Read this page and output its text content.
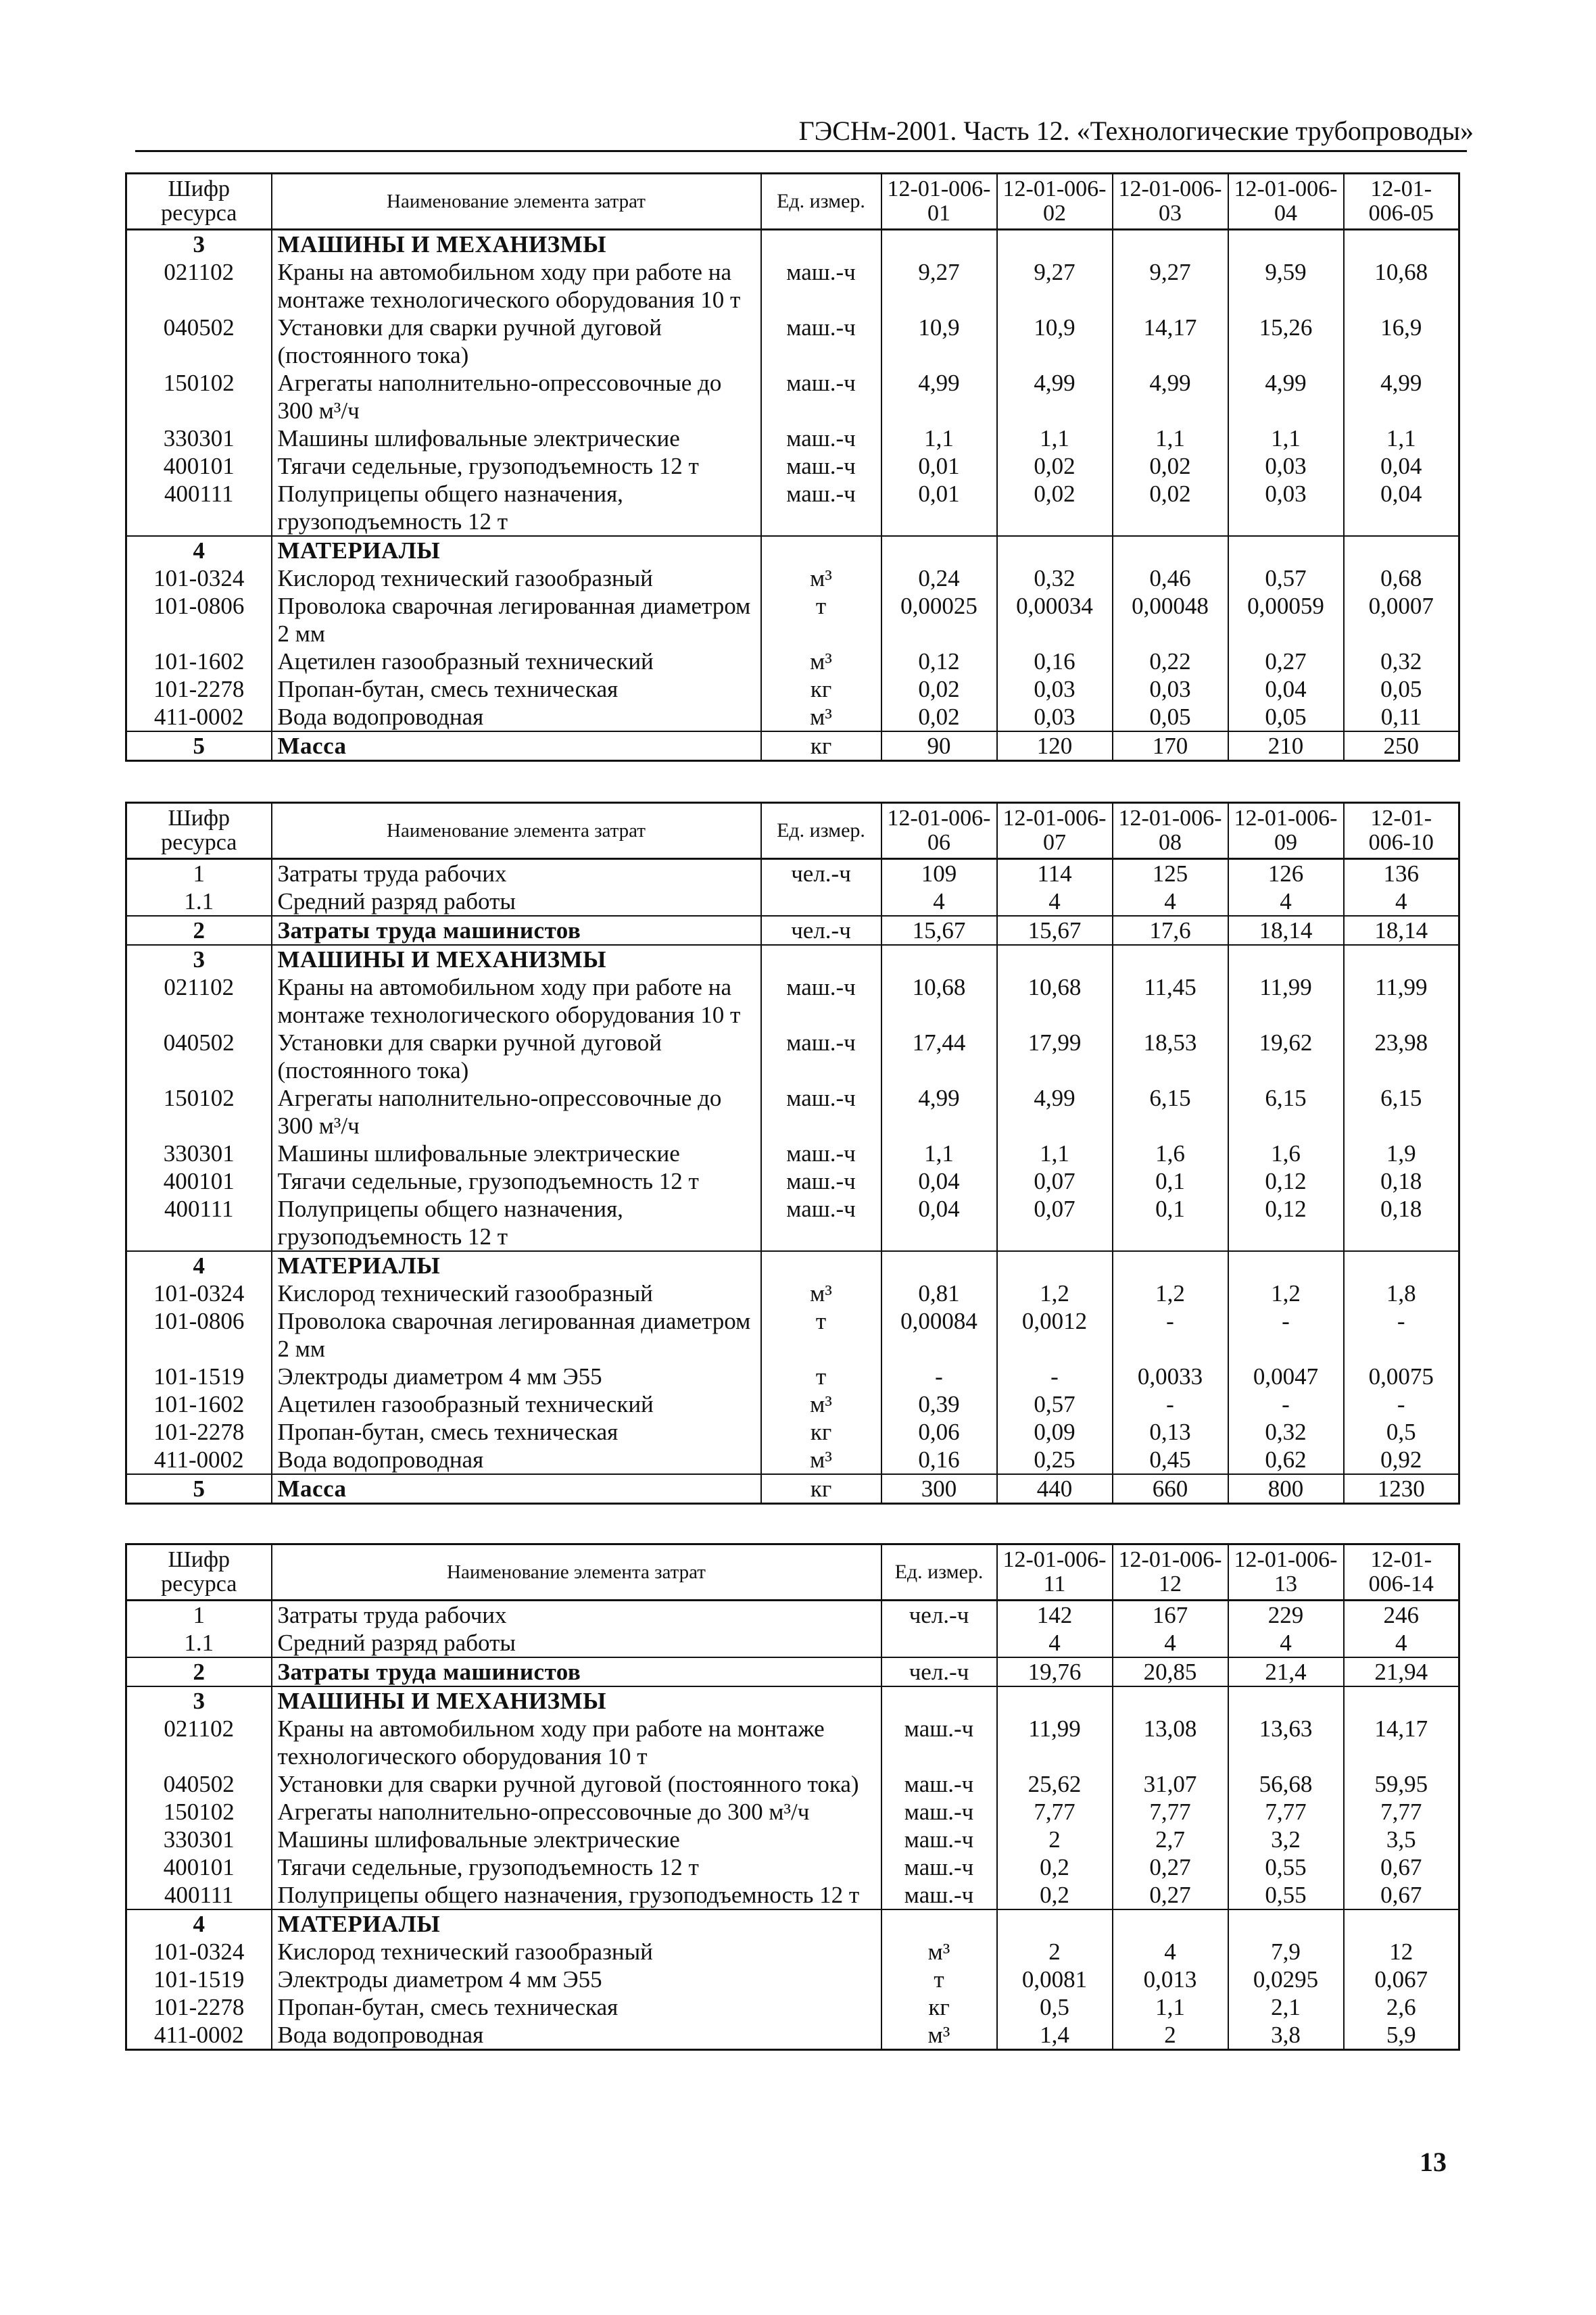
ГЭСНм-2001. Часть 12. «Технологические трубопроводы»
Шифр ресурса	Наименование элемента затрат	Ед. измер.	12-01-006-01	12-01-006-02	12-01-006-03	12-01-006-04	12-01-006-05
3	МАШИНЫ И МЕХАНИЗМЫ						
021102	Краны на автомобильном ходу при работе на монтаже технологического оборудования 10 т	маш.-ч	9,27	9,27	9,27	9,59	10,68
040502	Установки для сварки ручной дуговой (постоянного тока)	маш.-ч	10,9	10,9	14,17	15,26	16,9
150102	Агрегаты наполнительно-опрессовочные до 300 м³/ч	маш.-ч	4,99	4,99	4,99	4,99	4,99
330301	Машины шлифовальные электрические	маш.-ч	1,1	1,1	1,1	1,1	1,1
400101	Тягачи седельные, грузоподъемность 12 т	маш.-ч	0,01	0,02	0,02	0,03	0,04
400111	Полуприцепы общего назначения, грузоподъемность 12 т	маш.-ч	0,01	0,02	0,02	0,03	0,04
4	МАТЕРИАЛЫ						
101-0324	Кислород технический газообразный	м³	0,24	0,32	0,46	0,57	0,68
101-0806	Проволока сварочная легированная диаметром 2 мм	т	0,00025	0,00034	0,00048	0,00059	0,0007
101-1602	Ацетилен газообразный технический	м³	0,12	0,16	0,22	0,27	0,32
101-2278	Пропан-бутан, смесь техническая	кг	0,02	0,03	0,03	0,04	0,05
411-0002	Вода водопроводная	м³	0,02	0,03	0,05	0,05	0,11
5	Масса	кг	90	120	170	210	250
Шифр ресурса	Наименование элемента затрат	Ед. измер.	12-01-006-06	12-01-006-07	12-01-006-08	12-01-006-09	12-01-006-10
1	Затраты труда рабочих	чел.-ч	109	114	125	126	136
1.1	Средний разряд работы		4	4	4	4	4
2	Затраты труда машинистов	чел.-ч	15,67	15,67	17,6	18,14	18,14
3	МАШИНЫ И МЕХАНИЗМЫ						
021102	Краны на автомобильном ходу при работе на монтаже технологического оборудования 10 т	маш.-ч	10,68	10,68	11,45	11,99	11,99
040502	Установки для сварки ручной дуговой (постоянного тока)	маш.-ч	17,44	17,99	18,53	19,62	23,98
150102	Агрегаты наполнительно-опрессовочные до 300 м³/ч	маш.-ч	4,99	4,99	6,15	6,15	6,15
330301	Машины шлифовальные электрические	маш.-ч	1,1	1,1	1,6	1,6	1,9
400101	Тягачи седельные, грузоподъемность 12 т	маш.-ч	0,04	0,07	0,1	0,12	0,18
400111	Полуприцепы общего назначения, грузоподъемность 12 т	маш.-ч	0,04	0,07	0,1	0,12	0,18
4	МАТЕРИАЛЫ						
101-0324	Кислород технический газообразный	м³	0,81	1,2	1,2	1,2	1,8
101-0806	Проволока сварочная легированная диаметром 2 мм	т	0,00084	0,0012	-	-	-
101-1519	Электроды диаметром 4 мм Э55	т	-	-	0,0033	0,0047	0,0075
101-1602	Ацетилен газообразный технический	м³	0,39	0,57	-	-	-
101-2278	Пропан-бутан, смесь техническая	кг	0,06	0,09	0,13	0,32	0,5
411-0002	Вода водопроводная	м³	0,16	0,25	0,45	0,62	0,92
5	Масса	кг	300	440	660	800	1230
Шифр ресурса	Наименование элемента затрат	Ед. измер.	12-01-006-11	12-01-006-12	12-01-006-13	12-01-006-14
1	Затраты труда рабочих	чел.-ч	142	167	229	246
1.1	Средний разряд работы		4	4	4	4
2	Затраты труда машинистов	чел.-ч	19,76	20,85	21,4	21,94
3	МАШИНЫ И МЕХАНИЗМЫ					
021102	Краны на автомобильном ходу при работе на монтаже технологического оборудования 10 т	маш.-ч	11,99	13,08	13,63	14,17
040502	Установки для сварки ручной дуговой (постоянного тока)	маш.-ч	25,62	31,07	56,68	59,95
150102	Агрегаты наполнительно-опрессовочные до 300 м³/ч	маш.-ч	7,77	7,77	7,77	7,77
330301	Машины шлифовальные электрические	маш.-ч	2	2,7	3,2	3,5
400101	Тягачи седельные, грузоподъемность 12 т	маш.-ч	0,2	0,27	0,55	0,67
400111	Полуприцепы общего назначения, грузоподъемность 12 т	маш.-ч	0,2	0,27	0,55	0,67
4	МАТЕРИАЛЫ					
101-0324	Кислород технический газообразный	м³	2	4	7,9	12
101-1519	Электроды диаметром 4 мм Э55	т	0,0081	0,013	0,0295	0,067
101-2278	Пропан-бутан, смесь техническая	кг	0,5	1,1	2,1	2,6
411-0002	Вода водопроводная	м³	1,4	2	3,8	5,9
13
